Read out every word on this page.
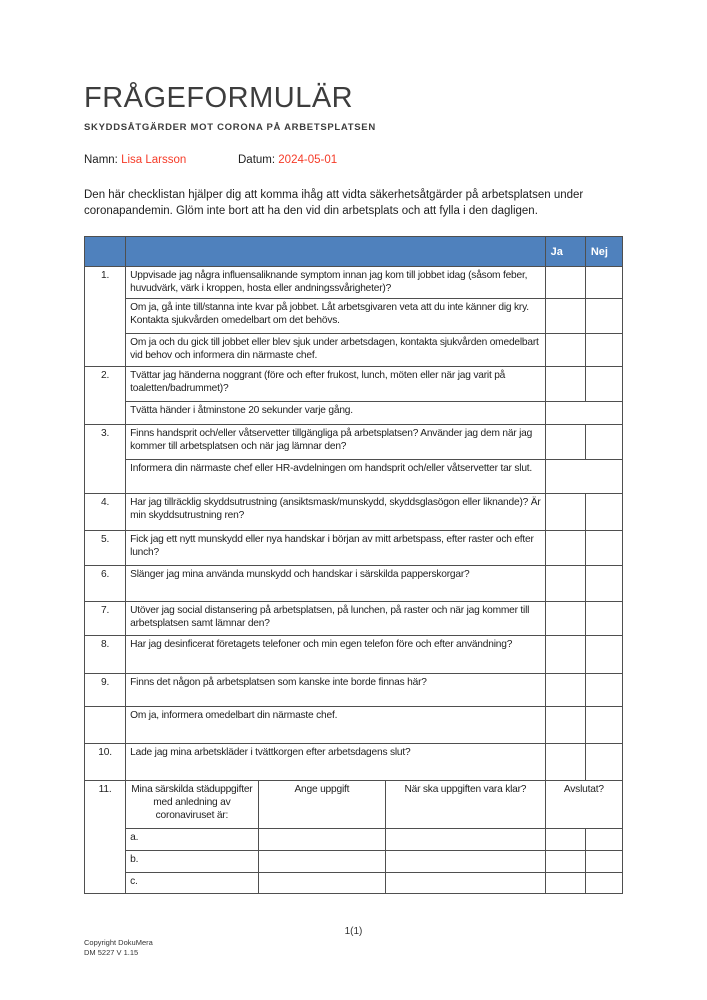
FRÅGEFORMULÄR
SKYDDSÅTGÄRDER MOT CORONA PÅ ARBETSPLATSEN
Namn: Lisa Larsson	Datum: 2024-05-01
Den här checklistan hjälper dig att komma ihåg att vidta säkerhetsåtgärder på arbetsplatsen under coronapandemin. Glöm inte bort att ha den vid din arbetsplats och att fylla i den dagligen.
				Ja	Nej
1.	Uppvisade jag några influensaliknande symptom innan jag kom till jobbet idag (såsom feber, huvudvärk, värk i kroppen, hosta eller andningssvårigheter)?				
	Om ja, gå inte till/stanna inte kvar på jobbet. Låt arbetsgivaren veta att du inte känner dig kry. Kontakta sjukvården omedelbart om det behövs.				
	Om ja och du gick till jobbet eller blev sjuk under arbetsdagen, kontakta sjukvården omedelbart vid behov och informera din närmaste chef.				
2.	Tvättar jag händerna noggrant (före och efter frukost, lunch, möten eller när jag varit på toaletten/badrummet)?				
	Tvätta händer i åtminstone 20 sekunder varje gång.				
3.	Finns handsprit och/eller våtservetter tillgängliga på arbetsplatsen? Använder jag dem när jag kommer till arbetsplatsen och när jag lämnar den?				
	Informera din närmaste chef eller HR-avdelningen om handsprit och/eller våtservetter tar slut.				
4.	Har jag tillräcklig skyddsutrustning (ansiktsmask/munskydd, skyddsglasögon eller liknande)? Är min skyddsutrustning ren?				
5.	Fick jag ett nytt munskydd eller nya handskar i början av mitt arbetspass, efter raster och efter lunch?				
6.	Slänger jag mina använda munskydd och handskar i särskilda papperskorgar?				
7.	Utöver jag social distansering på arbetsplatsen, på lunchen, på raster och när jag kommer till arbetsplatsen samt lämnar den?				
8.	Har jag desinficerat företagets telefoner och min egen telefon före och efter användning?				
9.	Finns det någon på arbetsplatsen som kanske inte borde finnas här?				
	Om ja, informera omedelbart din närmaste chef.				
10.	Lade jag mina arbetskläder i tvättkorgen efter arbetsdagens slut?				
11.	Mina särskilda städuppgifter med anledning av coronaviruset är:	Ange uppgift	När ska uppgiften vara klar?	Avslutat?	
	a.				
	b.				
	c.				
1(1)
Copyright DokuMera
DM 5227 V 1.15
